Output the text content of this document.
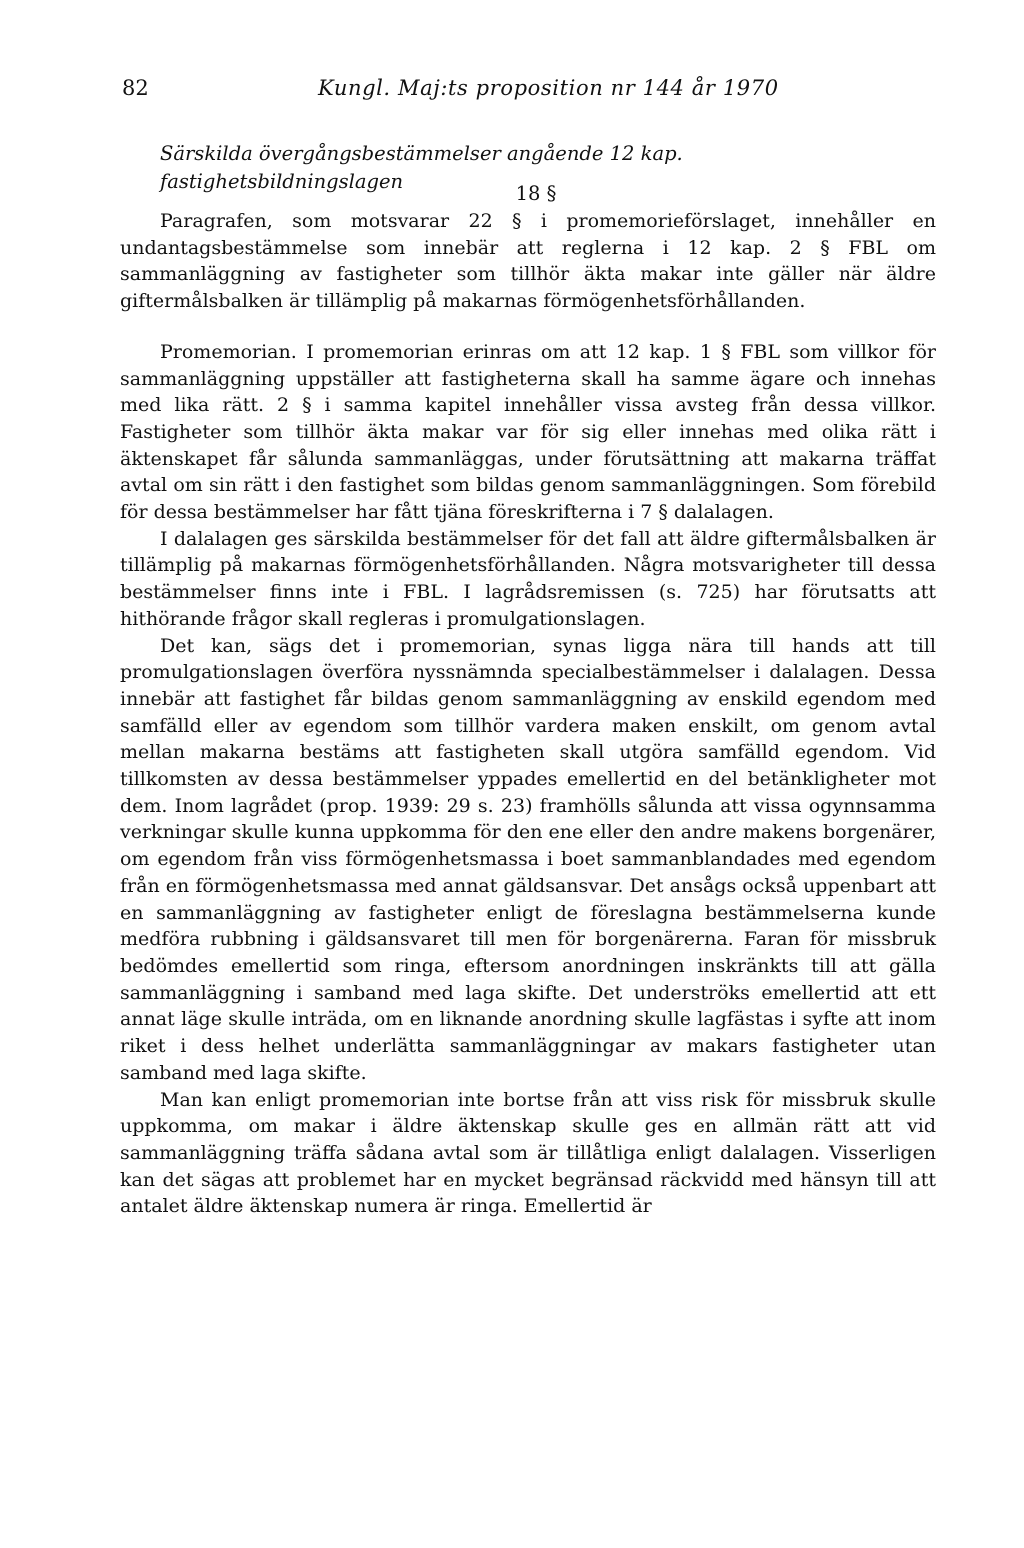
82	Kungl. Maj:ts proposition nr 144 år 1970
Särskilda övergångsbestämmelser angående 12 kap. fastighetsbildningslagen
18 §

Paragrafen, som motsvarar 22 § i promemorieförslaget, innehåller en undantagsbestämmelse som innebär att reglerna i 12 kap. 2 § FBL om sammanläggning av fastigheter som tillhör äkta makar inte gäller när äldre giftermålsbalken är tillämplig på makarnas förmögenhetsförhållanden.

Promemorian. I promemorian erinras om att 12 kap. 1 § FBL som villkor för sammanläggning uppställer att fastigheterna skall ha samme ägare och innehas med lika rätt. 2 § i samma kapitel innehåller vissa avsteg från dessa villkor. Fastigheter som tillhör äkta makar var för sig eller innehas med olika rätt i äktenskapet får sålunda sammanläggas, under förutsättning att makarna träffat avtal om sin rätt i den fastighet som bildas genom sammanläggningen. Som förebild för dessa bestämmelser har fått tjäna föreskrifterna i 7 § dalalagen.

I dalalagen ges särskilda bestämmelser för det fall att äldre giftermålsbalken är tillämplig på makarnas förmögenhetsförhållanden. Några motsvarigheter till dessa bestämmelser finns inte i FBL. I lagrådsremissen (s. 725) har förutsatts att hithörande frågor skall regleras i promulgationslagen.

Det kan, sägs det i promemorian, synas ligga nära till hands att till promulgationslagen överföra nyssnämnda specialbestämmelser i dalalagen. Dessa innebär att fastighet får bildas genom sammanläggning av enskild egendom med samfälld eller av egendom som tillhör vardera maken enskilt, om genom avtal mellan makarna bestäms att fastigheten skall utgöra samfälld egendom. Vid tillkomsten av dessa bestämmelser yppades emellertid en del betänkligheter mot dem. Inom lagrådet (prop. 1939: 29 s. 23) framhölls sålunda att vissa ogynnsamma verkningar skulle kunna uppkomma för den ene eller den andre makens borgenärer, om egendom från viss förmögenhetsmassa i boet sammanblandades med egendom från en förmögenhetsmassa med annat gäldsansvar. Det ansågs också uppenbart att en sammanläggning av fastigheter enligt de föreslagna bestämmelserna kunde medföra rubbning i gäldsansvaret till men för borgenärerna. Faran för missbruk bedömdes emellertid som ringa, eftersom anordningen inskränkts till att gälla sammanläggning i samband med laga skifte. Det underströks emellertid att ett annat läge skulle inträda, om en liknande anordning skulle lagfästas i syfte att inom riket i dess helhet underlätta sammanläggningar av makars fastigheter utan samband med laga skifte.

Man kan enligt promemorian inte bortse från att viss risk för missbruk skulle uppkomma, om makar i äldre äktenskap skulle ges en allmän rätt att vid sammanläggning träffa sådana avtal som är tillåtliga enligt dalalagen. Visserligen kan det sägas att problemet har en mycket begränsad räckvidd med hänsyn till att antalet äldre äktenskap numera är ringa. Emellertid är
